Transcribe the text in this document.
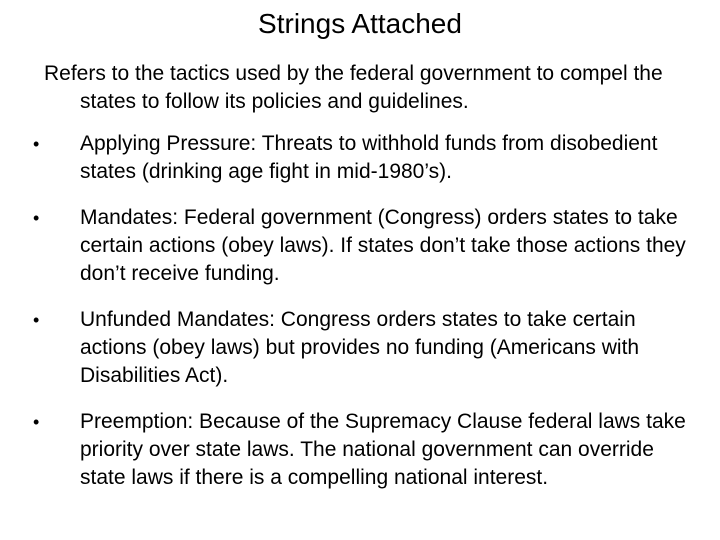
Strings Attached
Refers to the tactics used by the federal government to compel the states to follow its policies and guidelines.
• Applying Pressure: Threats to withhold funds from disobedient states (drinking age fight in mid-1980’s).
• Mandates: Federal government (Congress) orders states to take certain actions (obey laws). If states don’t take those actions they don’t receive funding.
• Unfunded Mandates: Congress orders states to take certain actions (obey laws) but provides no funding (Americans with Disabilities Act).
• Preemption: Because of the Supremacy Clause federal laws take priority over state laws. The national government can override state laws if there is a compelling national interest.
